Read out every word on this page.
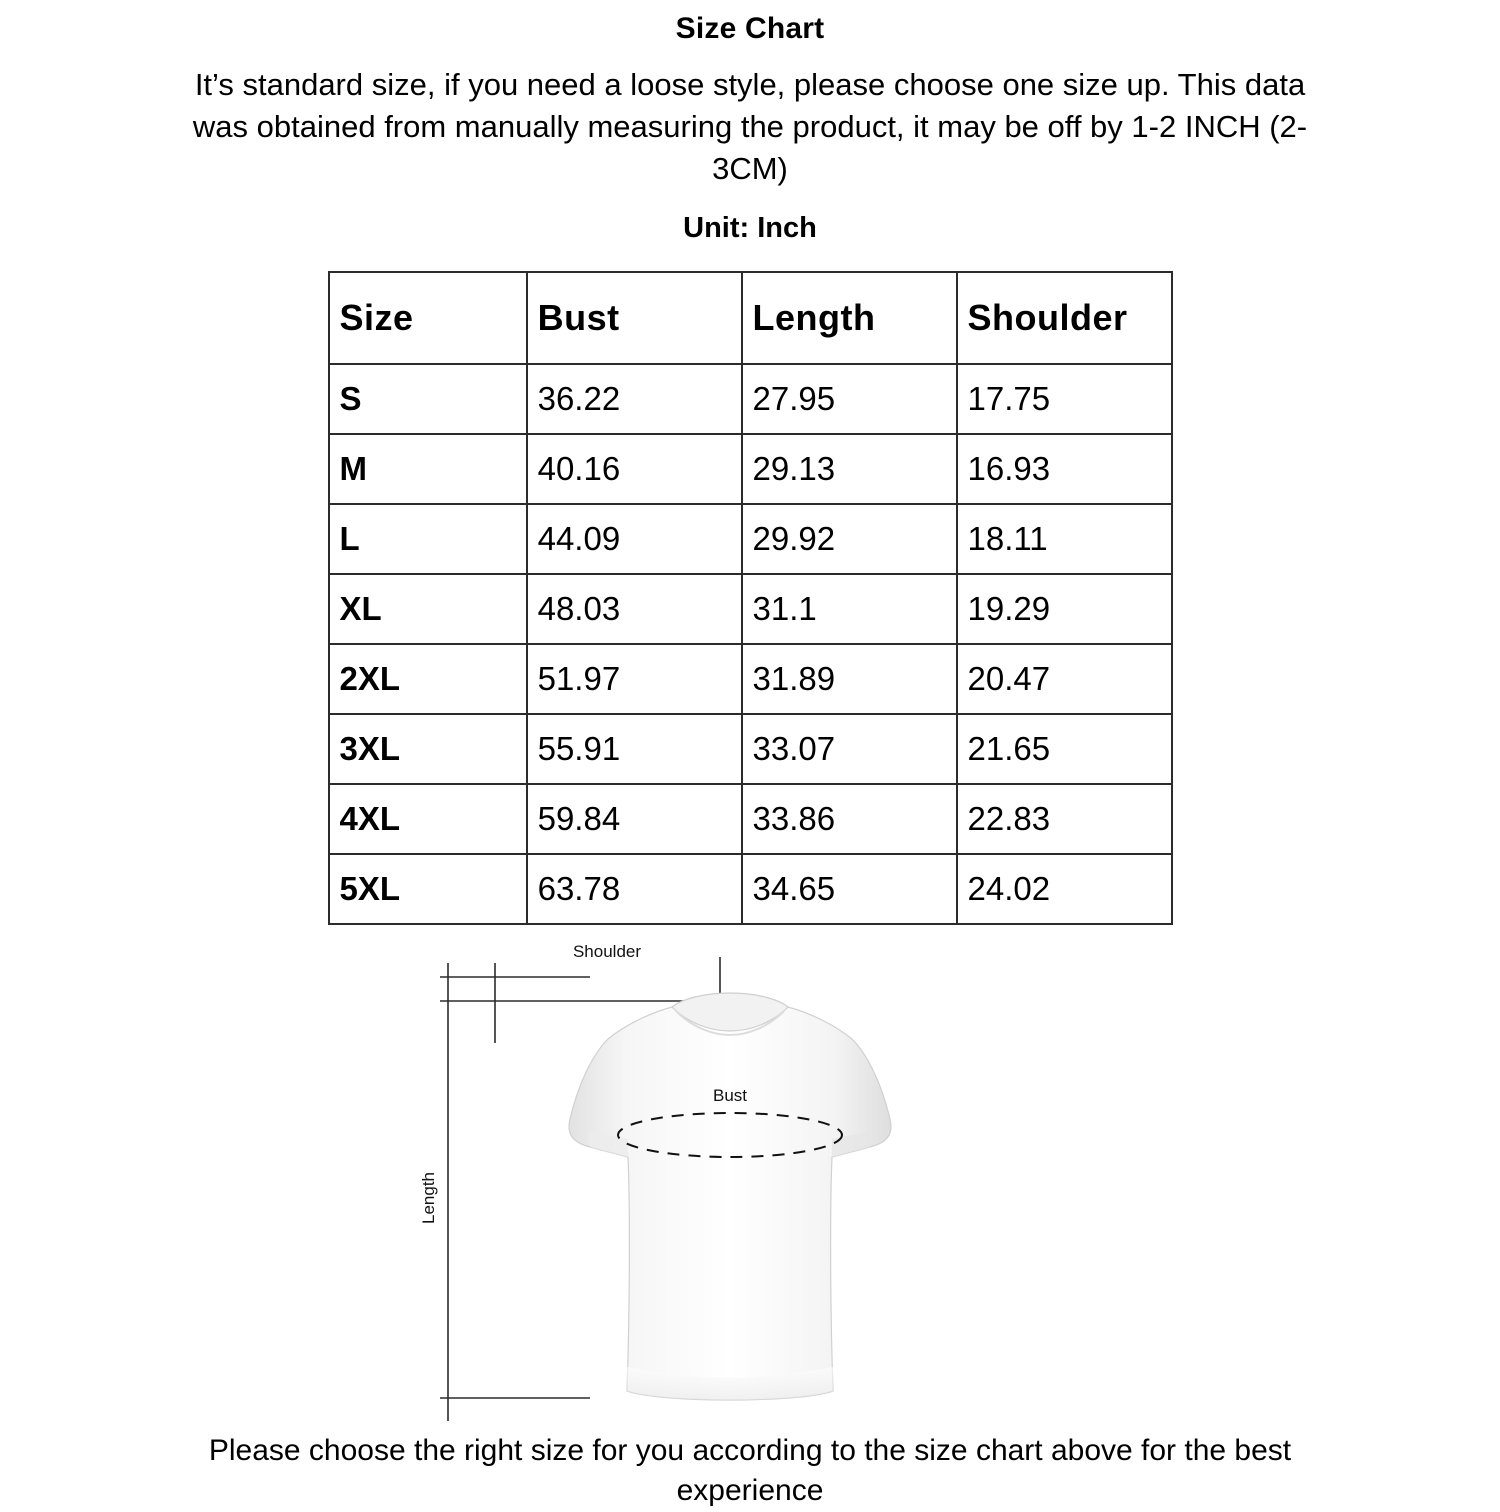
Size Chart
It’s standard size, if you need a loose style, please choose one size up. This data was obtained from manually measuring the product, it may be off by 1-2 INCH (2-3CM)
Unit: Inch
Size	Bust	Length	Shoulder
S	36.22	27.95	17.75
M	40.16	29.13	16.93
L	44.09	29.92	18.11
XL	48.03	31.1	19.29
2XL	51.97	31.89	20.47
3XL	55.91	33.07	21.65
4XL	59.84	33.86	22.83
5XL	63.78	34.65	24.02
Shoulder
Length
Bust
Please choose the right size for you according to the size chart above for the best experience
